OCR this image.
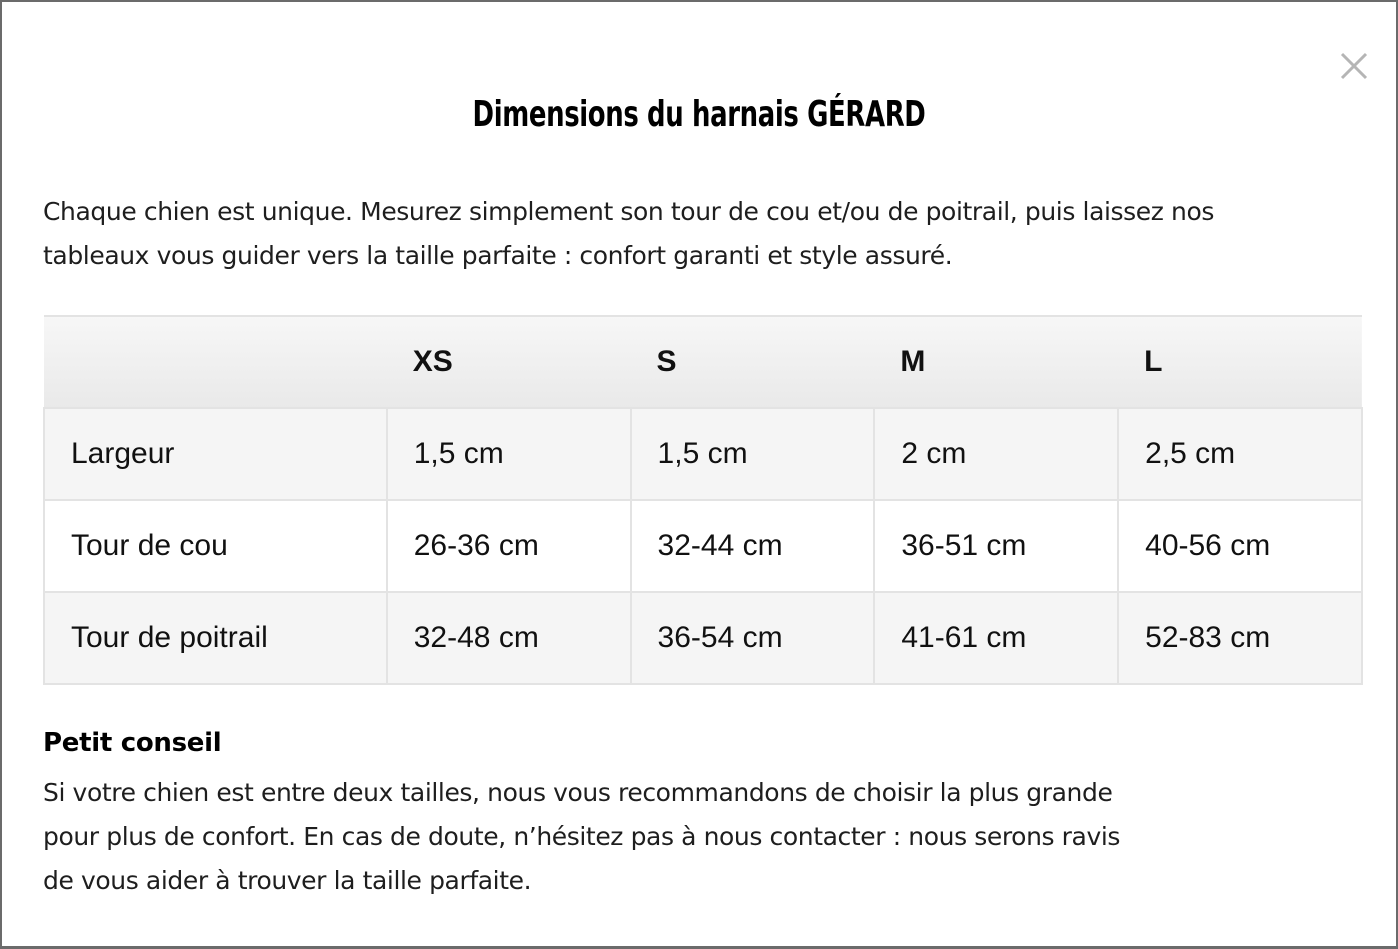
Dimensions du harnais GÉRARD

Chaque chien est unique. Mesurez simplement son tour de cou et/ou de poitrail, puis laissez nos tableaux vous guider vers la taille parfaite : confort garanti et style assuré.

	XS	S	M	L
Largeur	1,5 cm	1,5 cm	2 cm	2,5 cm
Tour de cou	26-36 cm	32-44 cm	36-51 cm	40-56 cm
Tour de poitrail	32-48 cm	36-54 cm	41-61 cm	52-83 cm

Petit conseil

Si votre chien est entre deux tailles, nous vous recommandons de choisir la plus grande
pour plus de confort. En cas de doute, n’hésitez pas à nous contacter : nous serons ravis
de vous aider à trouver la taille parfaite.
